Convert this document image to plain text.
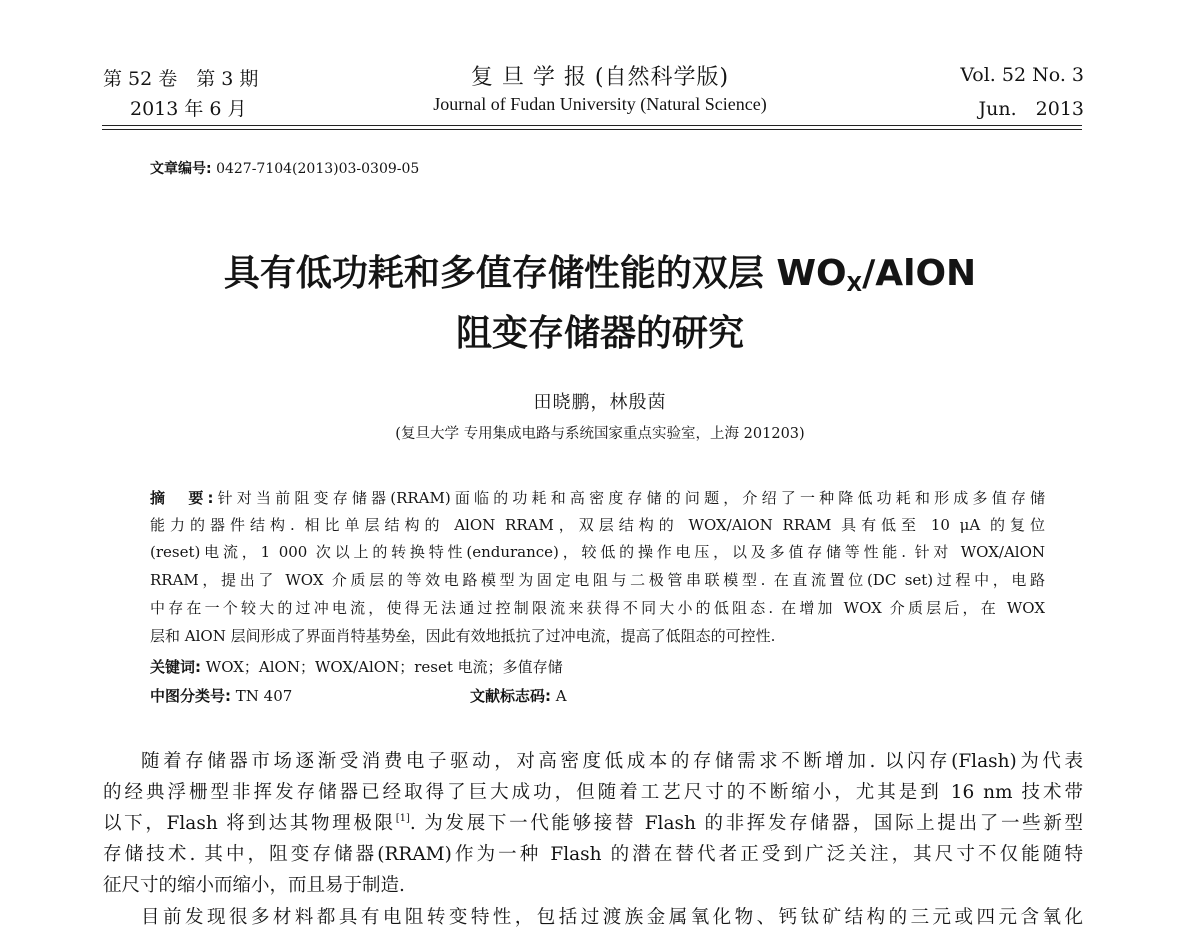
第 52 卷　第 3 期
2013 年 6 月
复 旦 学 报 (自然科学版)
Journal of Fudan University (Natural Science)
Vol. 52 No. 3
Jun.　2013
文章编号: 0427-7104(2013)03-0309-05
具有低功耗和多值存储性能的双层 $WO_X$/AlON
阻变存储器的研究
田晓鹏，林殷茵
(复旦大学 专用集成电路与系统国家重点实验室，上海 201203)
摘　要:针对当前阻变存储器(RRAM)面临的功耗和高密度存储的问题，介绍了一种降低功耗和形成多值存储
能力的器件结构. 相比单层结构的 AlON RRAM，双层结构的 WOX/AlON RRAM 具有低至 10 μA 的复位
(reset)电流，1 000 次以上的转换特性(endurance)，较低的操作电压，以及多值存储等性能. 针对 WOX/AlON
RRAM，提出了 WOX 介质层的等效电路模型为固定电阻与二极管串联模型. 在直流置位(DC set)过程中，电路
中存在一个较大的过冲电流，使得无法通过控制限流来获得不同大小的低阻态. 在增加 WOX 介质层后，在 WOX
层和 AlON 层间形成了界面肖特基势垒，因此有效地抵抗了过冲电流，提高了低阻态的可控性.
关键词: WOX；AlON；WOX/AlON；reset 电流；多值存储
中图分类号: TN 407	文献标志码: A
随着存储器市场逐渐受消费电子驱动，对高密度低成本的存储需求不断增加. 以闪存(Flash)为代表
的经典浮栅型非挥发存储器已经取得了巨大成功，但随着工艺尺寸的不断缩小，尤其是到 16 nm 技术带
以下，Flash 将到达其物理极限[1]. 为发展下一代能够接替 Flash 的非挥发存储器，国际上提出了一些新型
存储技术. 其中，阻变存储器(RRAM)作为一种 Flash 的潜在替代者正受到广泛关注，其尺寸不仅能随特
征尺寸的缩小而缩小，而且易于制造.
目前发现很多材料都具有电阻转变特性，包括过渡族金属氧化物、钙钛矿结构的三元或四元含氧化
